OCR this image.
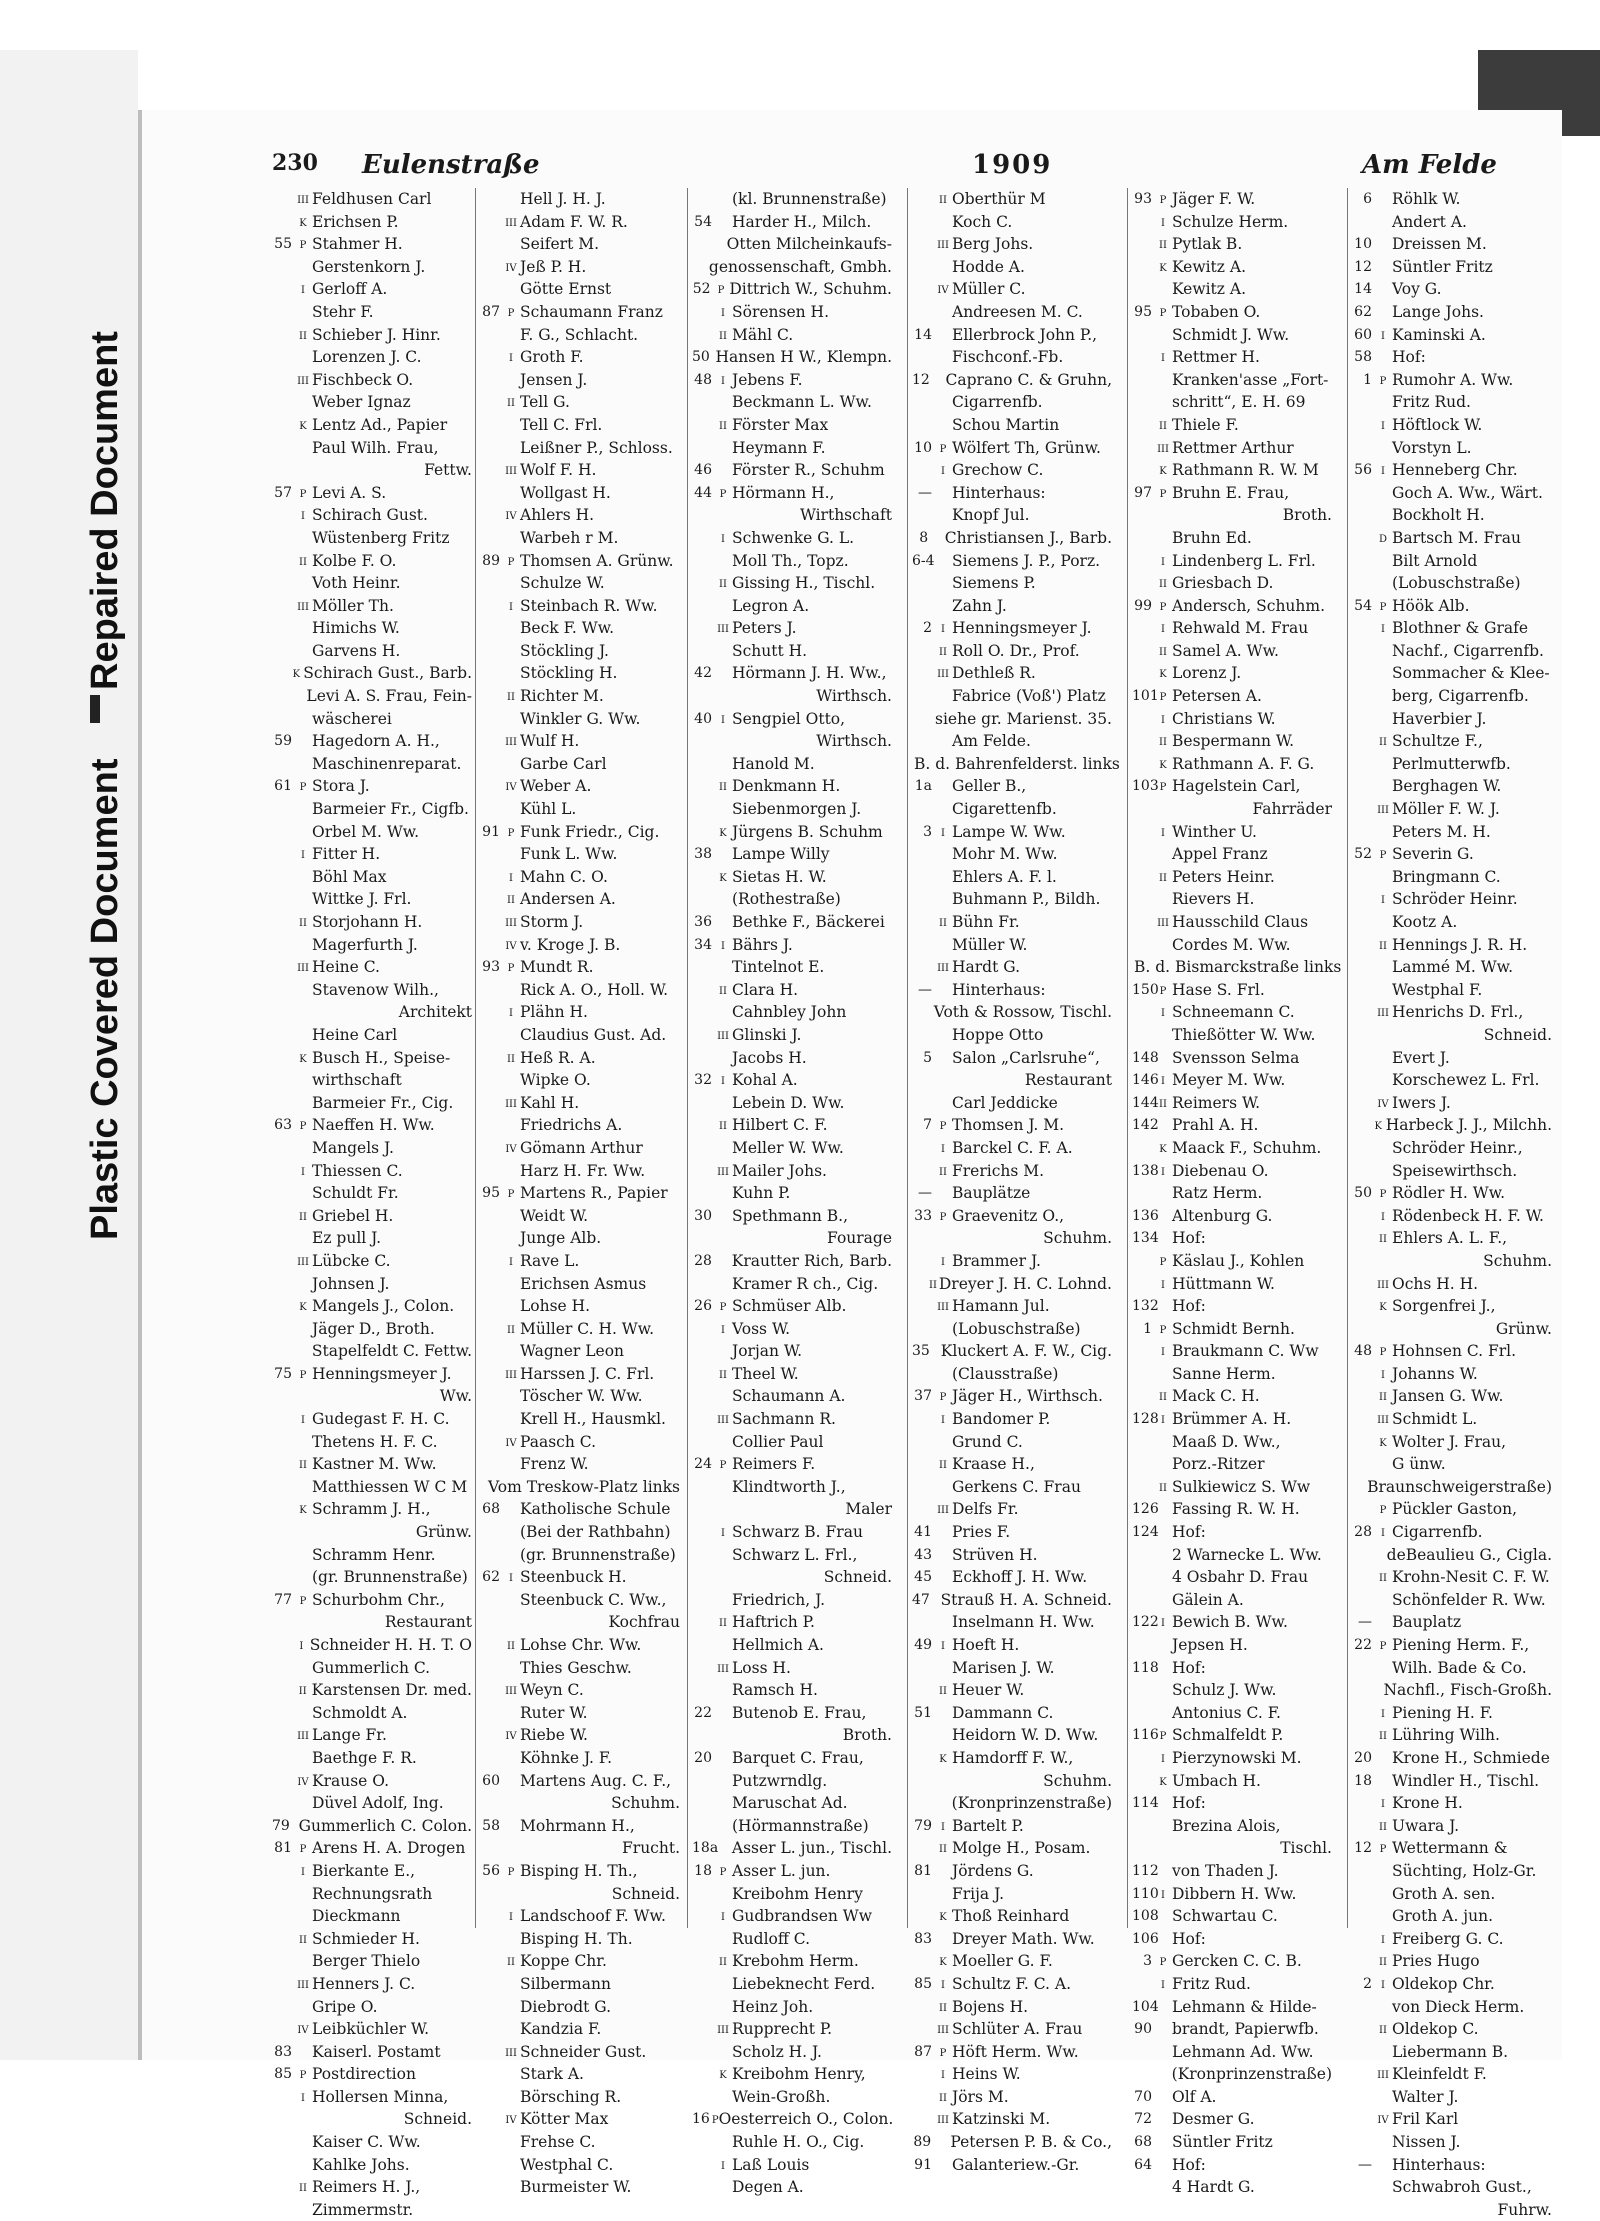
Plastic Covered Document
Repaired Document
230 Eulenstraße	1909	Am Felde
III Feldhusen Carl
K Erichsen P.
55 P Stahmer H.
Gerstenkorn J.
I Gerloff A.
Stehr F.
II Schieber J. Hinr.
Lorenzen J. C.
III Fischbeck O.
Weber Ignaz
K Lentz Ad., Papier
Paul Wilh. Frau,
Fettw.
57 P Levi A. S.
I Schirach Gust.
Wüstenberg Fritz
II Kolbe F. O.
Voth Heinr.
III Möller Th.
Himichs W.
Garvens H.
K Schirach Gust., Barb.
Levi A. S. Frau, Fein-
wäscherei
59 Hagedorn A. H.,
Maschinenreparat.
61 P Stora J.
Barmeier Fr., Cigfb.
Orbel M. Ww.
I Fitter H.
Böhl Max
Wittke J. Frl.
II Storjohann H.
Magerfurth J.
III Heine C.
Stavenow Wilh.,
Architekt
Heine Carl
K Busch H., Speise-
wirthschaft
Barmeier Fr., Cig.
63 P Naeffen H. Ww.
Mangels J.
I Thiessen C.
Schuldt Fr.
II Griebel H.
Ez pull J.
III Lübcke C.
Johnsen J.
K Mangels J., Colon.
Jäger D., Broth.
Stapelfeldt C. Fettw.
75 P Henningsmeyer J.
Ww.
I Gudegast F. H. C.
Thetens H. F. C.
II Kastner M. Ww.
Matthiessen W C M
K Schramm J. H.,
Grünw.
Schramm Henr.
(gr. Brunnenstraße)
77 P Schurbohm Chr.,
Restaurant
I Schneider H. H. T. O
Gummerlich C.
II Karstensen Dr. med.
Schmoldt A.
III Lange Fr.
Baethge F. R.
IV Krause O.
Düvel Adolf, Ing.
79 Gummerlich C. Colon.
81 P Arens H. A. Drogen
I Bierkante E.,
Rechnungsrath
Dieckmann
II Schmieder H.
Berger Thielo
III Henners J. C.
Gripe O.
IV Leibküchler W.
83 Kaiserl. Postamt
85 P Postdirection
I Hollersen Minna,
Schneid.
Kaiser C. Ww.
Kahlke Johs.
II Reimers H. J.,
Zimmermstr.
Hell J. H. J.
III Adam F. W. R.
Seifert M.
IV Jeß P. H.
Götte Ernst
87 P Schaumann Franz
F. G., Schlacht.
I Groth F.
Jensen J.
II Tell G.
Tell C. Frl.
Leißner P., Schloss.
III Wolf F. H.
Wollgast H.
IV Ahlers H.
Warbeh r M.
89 P Thomsen A. Grünw.
Schulze W.
I Steinbach R. Ww.
Beck F. Ww.
Stöckling J.
Stöckling H.
II Richter M.
Winkler G. Ww.
III Wulf H.
Garbe Carl
IV Weber A.
Kühl L.
91 P Funk Friedr., Cig.
Funk L. Ww.
I Mahn C. O.
II Andersen A.
III Storm J.
IV v. Kroge J. B.
93 P Mundt R.
Rick A. O., Holl. W.
I Plähn H.
Claudius Gust. Ad.
II Heß R. A.
Wipke O.
III Kahl H.
Friedrichs A.
IV Gömann Arthur
Harz H. Fr. Ww.
95 P Martens R., Papier
Weidt W.
Junge Alb.
I Rave L.
Erichsen Asmus
Lohse H.
II Müller C. H. Ww.
Wagner Leon
III Harssen J. C. Frl.
Töscher W. Ww.
Krell H., Hausmkl.
IV Paasch C.
Frenz W.
Vom Treskow-Platz links
68 Katholische Schule
(Bei der Rathbahn)
(gr. Brunnenstraße)
62 I Steenbuck H.
Steenbuck C. Ww.,
Kochfrau
II Lohse Chr. Ww.
Thies Geschw.
III Weyn C.
Ruter W.
IV Riebe W.
Köhnke J. F.
60 Martens Aug. C. F.,
Schuhm.
58 Mohrmann H.,
Frucht.
56 P Bisping H. Th.,
Schneid.
I Landschoof F. Ww.
Bisping H. Th.
II Koppe Chr.
Silbermann
Diebrodt G.
Kandzia F.
III Schneider Gust.
Stark A.
Börsching R.
IV Kötter Max
Frehse C.
Westphal C.
Burmeister W.
(kl. Brunnenstraße)
54 Harder H., Milch.
Otten Milcheinkaufs-
genossenschaft, Gmbh.
52 P Dittrich W., Schuhm.
I Sörensen H.
II Mähl C.
50 Hansen H W., Klempn.
48 I Jebens F.
Beckmann L. Ww.
II Förster Max
Heymann F.
46 Förster R., Schuhm
44 P Hörmann H.,
Wirthschaft
I Schwenke G. L.
Moll Th., Topz.
II Gissing H., Tischl.
Legron A.
III Peters J.
Schutt H.
42 Hörmann J. H. Ww.,
Wirthsch.
40 I Sengpiel Otto,
Wirthsch.
Hanold M.
II Denkmann H.
Siebenmorgen J.
K Jürgens B. Schuhm
38 Lampe Willy
K Sietas H. W.
(Rothestraße)
36 Bethke F., Bäckerei
34 I Bährs J.
Tintelnot E.
II Clara H.
Cahnbley John
III Glinski J.
Jacobs H.
32 I Kohal A.
Lebein D. Ww.
II Hilbert C. F.
Meller W. Ww.
III Mailer Johs.
Kuhn P.
30 Spethmann B.,
Fourage
28 Krautter Rich, Barb.
Kramer R ch., Cig.
26 P Schmüser Alb.
I Voss W.
Jorjan W.
II Theel W.
Schaumann A.
III Sachmann R.
Collier Paul
24 P Reimers F.
Klindtworth J.,
Maler
I Schwarz B. Frau
Schwarz L. Frl.,
Schneid.
Friedrich, J.
II Haftrich P.
Hellmich A.
III Loss H.
Ramsch H.
22 Butenob E. Frau,
Broth.
20 Barquet C. Frau,
Putzwrndlg.
Maruschat Ad.
(Hörmannstraße)
18a Asser L. jun., Tischl.
18 P Asser L. jun.
Kreibohm Henry
I Gudbrandsen Ww
Rudloff C.
II Krebohm Herm.
Liebeknecht Ferd.
Heinz Joh.
III Rupprecht P.
Scholz H. J.
K Kreibohm Henry,
Wein-Großh.
16 P Oesterreich O., Colon.
Ruhle H. O., Cig.
I Laß Louis
Degen A.
II Oberthür M
Koch C.
III Berg Johs.
Hodde A.
IV Müller C.
Andreesen M. C.
14 Ellerbrock John P.,
Fischconf.-Fb.
12 Caprano C. & Gruhn,
Cigarrenfb.
Schou Martin
10 P Wölfert Th, Grünw.
I Grechow C.
— Hinterhaus:
Knopf Jul.
8 Christiansen J., Barb.
6-4 Siemens J. P., Porz.
Siemens P.
Zahn J.
2 I Henningsmeyer J.
II Roll O. Dr., Prof.
III Dethleß R.
Fabrice (Voß') Platz
siehe gr. Marienst. 35.
Am Felde.
B. d. Bahrenfelderst. links
1a Geller B.,
Cigarettenfb.
3 I Lampe W. Ww.
Mohr M. Ww.
Ehlers A. F. l.
Buhmann P., Bildh.
II Bühn Fr.
Müller W.
III Hardt G.
— Hinterhaus:
Voth & Rossow, Tischl.
Hoppe Otto
5 Salon „Carlsruhe“,
Restaurant
Carl Jeddicke
7 P Thomsen J. M.
I Barckel C. F. A.
II Frerichs M.
— Bauplätze
33 P Graevenitz O.,
Schuhm.
I Brammer J.
II Dreyer J. H. C. Lohnd.
III Hamann Jul.
(Lobuschstraße)
35 Kluckert A. F. W., Cig.
(Clausstraße)
37 P Jäger H., Wirthsch.
I Bandomer P.
Grund C.
II Kraase H.,
Gerkens C. Frau
III Delfs Fr.
41 Pries F.
43 Strüven H.
45 Eckhoff J. H. Ww.
47 Strauß H. A. Schneid.
Inselmann H. Ww.
49 I Hoeft H.
Marisen J. W.
II Heuer W.
51 Dammann C.
Heidorn W. D. Ww.
K Hamdorff F. W.,
Schuhm.
(Kronprinzenstraße)
79 I Bartelt P.
II Molge H., Posam.
81 Jördens G.
Frija J.
K Thoß Reinhard
83 Dreyer Math. Ww.
K Moeller G. F.
85 I Schultz F. C. A.
II Bojens H.
III Schlüter A. Frau
87 P Höft Herm. Ww.
I Heins W.
II Jörs M.
III Katzinski M.
89 Petersen P. B. & Co.,
91 Galanteriew.-Gr.
93 P Jäger F. W.
I Schulze Herm.
II Pytlak B.
K Kewitz A.
Kewitz A.
95 P Tobaben O.
Schmidt J. Ww.
I Rettmer H.
Kranken'asse „Fort-
schritt“, E. H. 69
II Thiele F.
III Rettmer Arthur
K Rathmann R. W. M
97 P Bruhn E. Frau,
Broth.
Bruhn Ed.
I Lindenberg L. Frl.
II Griesbach D.
99 P Andersch, Schuhm.
I Rehwald M. Frau
II Samel A. Ww.
K Lorenz J.
101 P Petersen A.
I Christians W.
II Bespermann W.
K Rathmann A. F. G.
103 P Hagelstein Carl,
Fahrräder
I Winther U.
Appel Franz
II Peters Heinr.
Rievers H.
III Hausschild Claus
Cordes M. Ww.
B. d. Bismarckstraße links
150 P Hase S. Frl.
I Schneemann C.
Thießötter W. Ww.
148 Svensson Selma
146 I Meyer M. Ww.
144 II Reimers W.
142 Prahl A. H.
K Maack F., Schuhm.
138 I Diebenau O.
Ratz Herm.
136 Altenburg G.
134 Hof:
P Käslau J., Kohlen
I Hüttmann W.
132 Hof:
1 P Schmidt Bernh.
I Braukmann C. Ww
Sanne Herm.
II Mack C. H.
128 I Brümmer A. H.
Maaß D. Ww.,
Porz.-Ritzer
II Sulkiewicz S. Ww
126 Fassing R. W. H.
124 Hof:
2 Warnecke L. Ww.
4 Osbahr D. Frau
Gälein A.
122 I Bewich B. Ww.
Jepsen H.
118 Hof:
Schulz J. Ww.
Antonius C. F.
116 P Schmalfeldt P.
I Pierzynowski M.
K Umbach H.
114 Hof:
Brezina Alois,
Tischl.
112 von Thaden J.
110 I Dibbern H. Ww.
108 Schwartau C.
106 Hof:
3 P Gercken C. C. B.
I Fritz Rud.
104 Lehmann & Hilde-
90 brandt, Papierwfb.
Lehmann Ad. Ww.
(Kronprinzenstraße)
70 Olf A.
72 Desmer G.
68 Süntler Fritz
64 Hof:
4 Hardt G.
6 Röhlk W.
Andert A.
10 Dreissen M.
12 Süntler Fritz
14 Voy G.
62 Lange Johs.
60 I Kaminski A.
58 Hof:
1 P Rumohr A. Ww.
Fritz Rud.
I Höftlock W.
Vorstyn L.
56 I Henneberg Chr.
Goch A. Ww., Wärt.
Bockholt H.
D Bartsch M. Frau
Bilt Arnold
(Lobuschstraße)
54 P Höök Alb.
I Blothner & Grafe
Nachf., Cigarrenfb.
Sommacher & Klee-
berg, Cigarrenfb.
Haverbier J.
II Schultze F.,
Perlmutterwfb.
Berghagen W.
III Möller F. W. J.
Peters M. H.
52 P Severin G.
Bringmann C.
I Schröder Heinr.
Kootz A.
II Hennings J. R. H.
Lammé M. Ww.
Westphal F.
III Henrichs D. Frl.,
Schneid.
Evert J.
Korschewez L. Frl.
IV Iwers J.
K Harbeck J. J., Milchh.
Schröder Heinr.,
Speisewirthsch.
50 P Rödler H. Ww.
I Rödenbeck H. F. W.
II Ehlers A. L. F.,
Schuhm.
III Ochs H. H.
K Sorgenfrei J.,
Grünw.
48 P Hohnsen C. Frl.
I Johanns W.
II Jansen G. Ww.
III Schmidt L.
K Wolter J. Frau,
G ünw.
Braunschweigerstraße)
P Pückler Gaston,
28 I Cigarrenfb.
deBeaulieu G., Cigla.
II Krohn-Nesit C. F. W.
Schönfelder R. Ww.
— Bauplatz
22 P Piening Herm. F.,
Wilh. Bade & Co.
Nachfl., Fisch-Großh.
I Piening H. F.
II Lühring Wilh.
20 Krone H., Schmiede
18 Windler H., Tischl.
I Krone H.
II Uwara J.
12 P Wettermann &
Süchting, Holz-Gr.
Groth A. sen.
Groth A. jun.
I Freiberg G. C.
II Pries Hugo
2 I Oldekop Chr.
von Dieck Herm.
II Oldekop C.
Liebermann B.
III Kleinfeldt F.
Walter J.
IV Fril Karl
Nissen J.
— Hinterhaus:
Schwabroh Gust.,
Fuhrw.
